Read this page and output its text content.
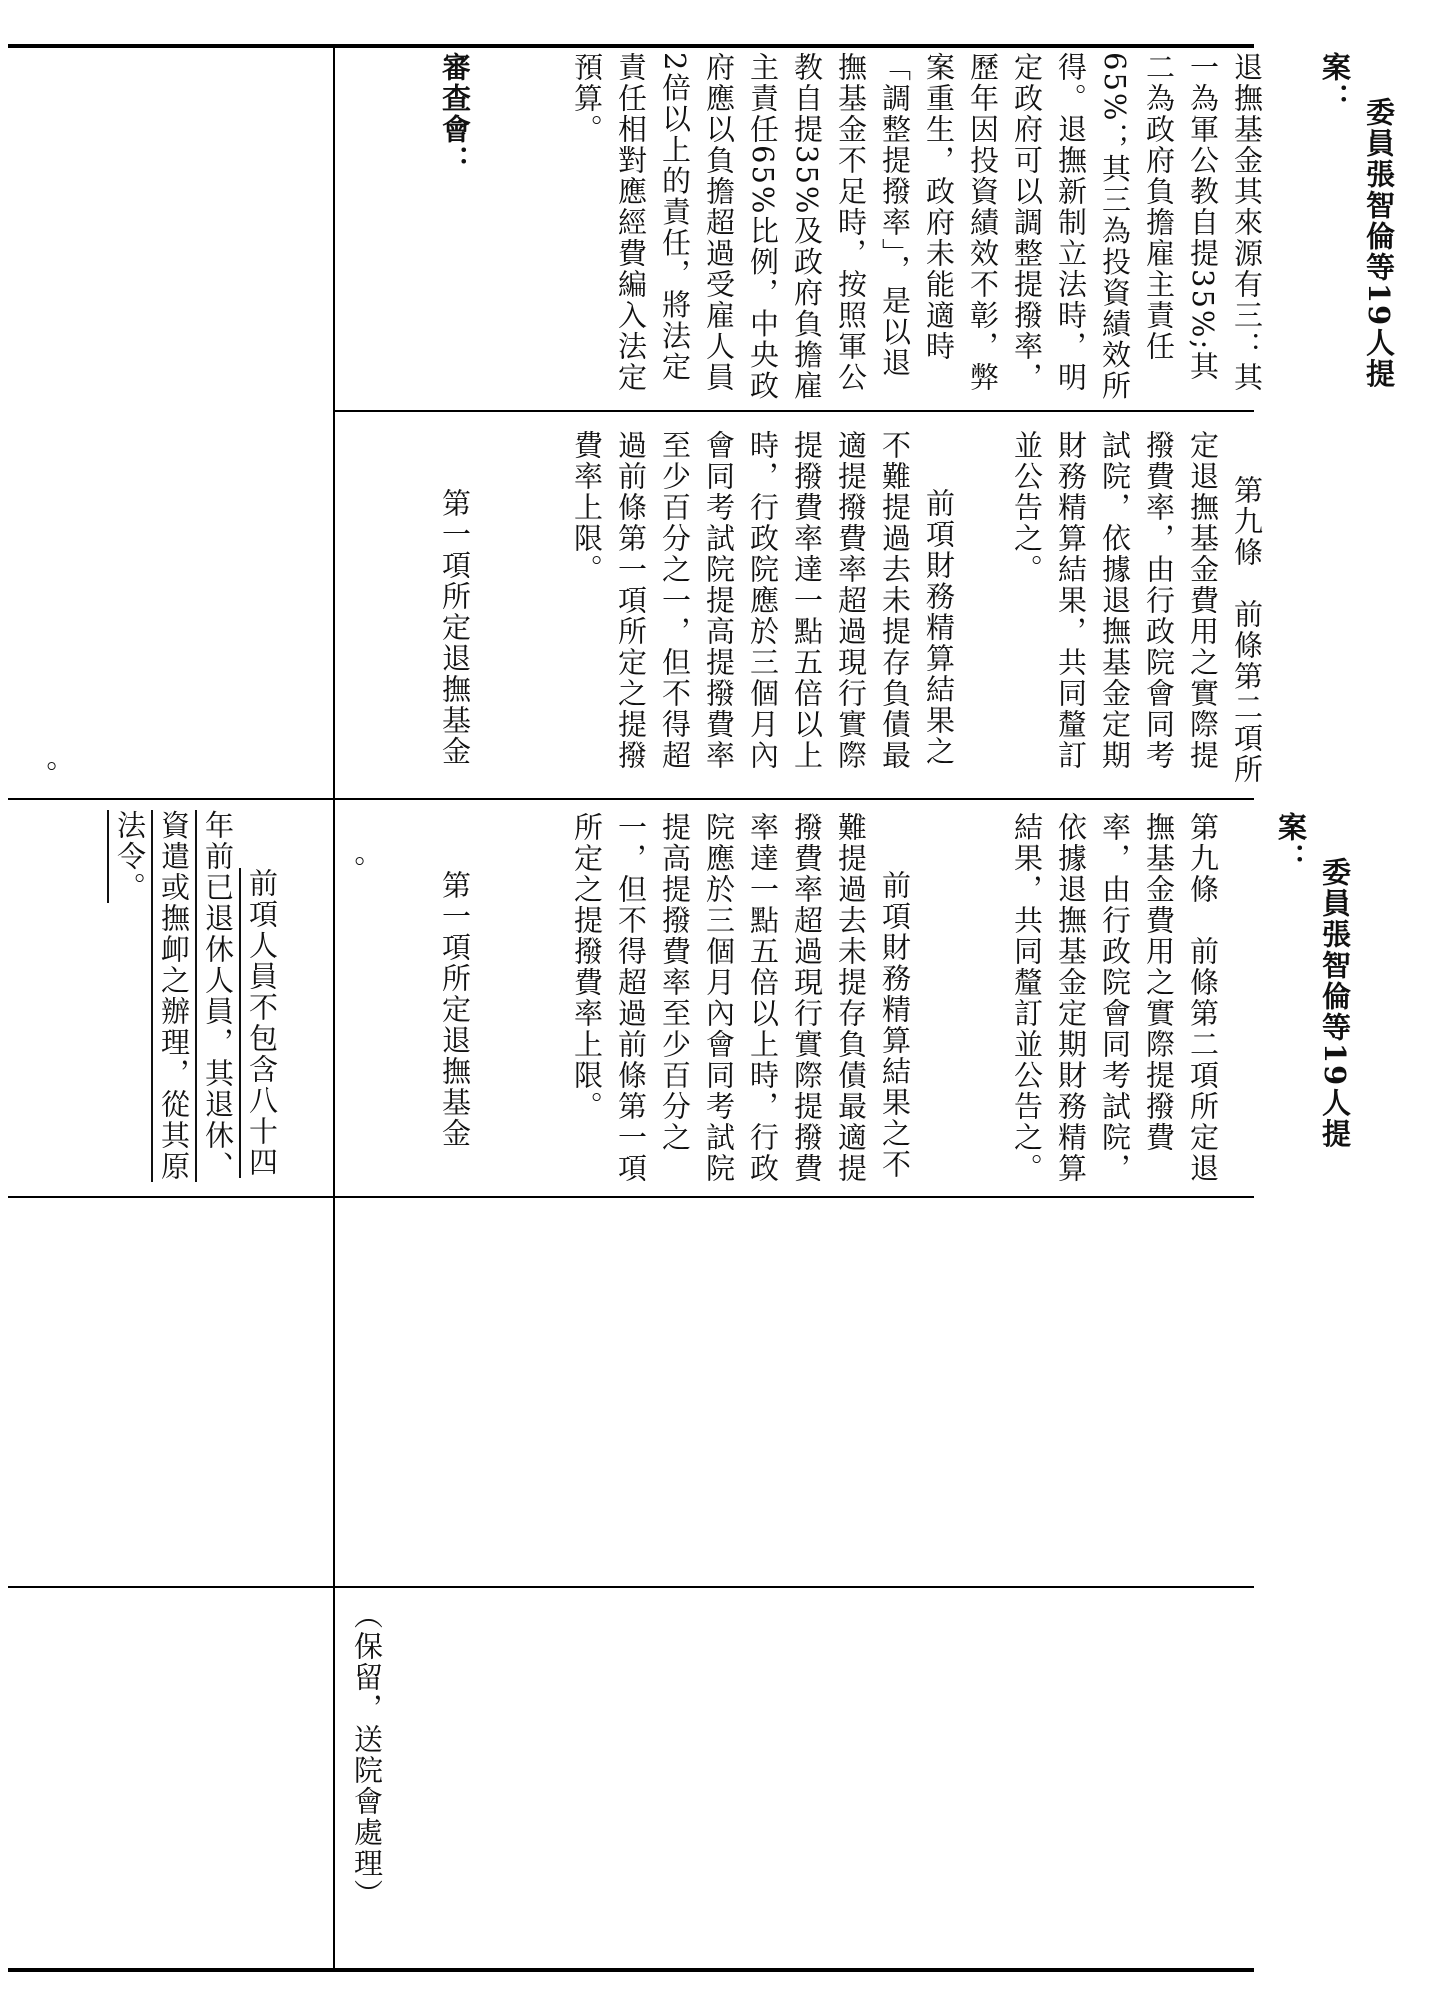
。	第九條　前條第二項所定退撫基金費用之實際提撥費率，由行政院會同考試院，依據退撫基金定期財務精算結果，共同釐訂並公告之。

前項財務精算結果之不難提過去未提存負債最適提撥費率超過現行實際提撥費率達一點五倍以上時，行政院應於三個月內會同考試院提高提撥費率至少百分之一，但不得超過前條第一項所定之提撥費率上限。

第一項所定退撫基金

委員張智倫等19人提案：

退撫基金其來源有三：其一為軍公教自提35%;其二為政府負擔雇主責任65%；其三為投資績效所得。退撫新制立法時，明定政府可以調整提撥率，歷年因投資績效不彰，弊案重生，政府未能適時「調整提撥率」，是以退撫基金不足時，按照軍公教自提35%及政府負擔雇主責任65%比例，中央政府應以負擔超過受雇人員2倍以上的責任，將法定責任相對應經費編入法定預算。

審查會：

。

前項人員不包含八十四年前已退休人員，其退休、資遣或撫卹之辦理，從其原法令。

委員張智倫等19人提案：

第九條　前條第二項所定退撫基金費用之實際提撥費率，由行政院會同考試院，依據退撫基金定期財務精算結果，共同釐訂並公告之。

前項財務精算結果之不難提過去未提存負債最適提撥費率超過現行實際提撥費率達一點五倍以上時，行政院應於三個月內會同考試院提高提撥費率至少百分之一，但不得超過前條第一項所定之提撥費率上限。

第一項所定退撫基金

（保留，送院會處理）
